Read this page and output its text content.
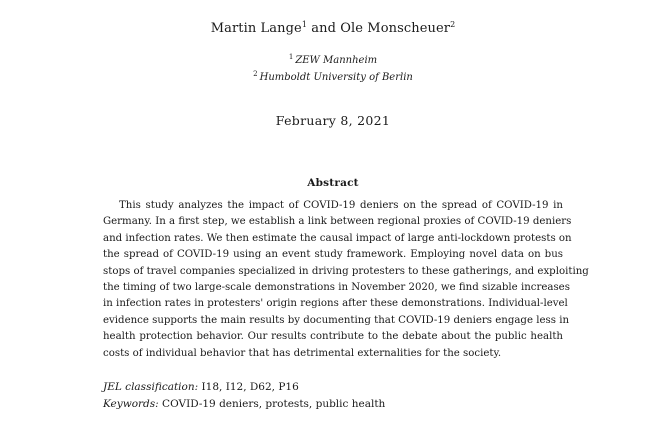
Martin Lange$^1$ and Ole Monscheuer$^2$
$^1$ ZEW Mannheim
$^2$ Humboldt University of Berlin
February 8, 2021
Abstract
This study analyzes the impact of COVID-19 deniers on the spread of COVID-19 in
Germany. In a first step, we establish a link between regional proxies of COVID-19 deniers
and infection rates. We then estimate the causal impact of large anti-lockdown protests on
the spread of COVID-19 using an event study framework. Employing novel data on bus
stops of travel companies specialized in driving protesters to these gatherings, and exploiting
the timing of two large-scale demonstrations in November 2020, we find sizable increases
in infection rates in protesters' origin regions after these demonstrations. Individual-level
evidence supports the main results by documenting that COVID-19 deniers engage less in
health protection behavior. Our results contribute to the debate about the public health
costs of individual behavior that has detrimental externalities for the society.
JEL classification: I18, I12, D62, P16
Keywords: COVID-19 deniers, protests, public health
